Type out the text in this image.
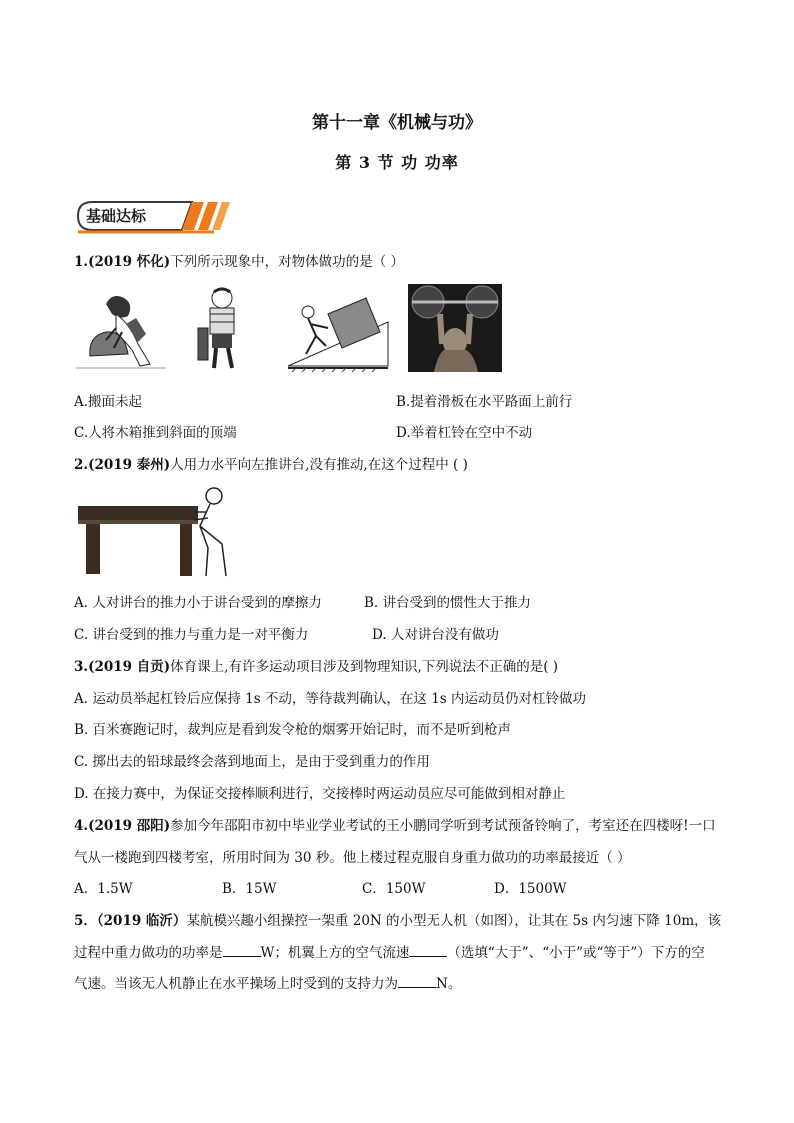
第十一章《机械与功》
第 3 节 功 功率
基础达标
1.(2019 怀化)下列所示现象中，对物体做功的是（ ）
A.搬面未起	B.提着滑板在水平路面上前行
C.人将木箱推到斜面的顶端	D.举着杠铃在空中不动
2.(2019 泰州)人用力水平向左推讲台,没有推动,在这个过程中 ( )
A. 人对讲台的推力小于讲台受到的摩擦力	B. 讲台受到的惯性大于推力
C. 讲台受到的推力与重力是一对平衡力	D. 人对讲台没有做功
3.(2019 自贡)体育课上,有许多运动项目涉及到物理知识,下列说法不正确的是( )
A. 运动员举起杠铃后应保持 1s 不动，等待裁判确认，在这 1s 内运动员仍对杠铃做功
B. 百米赛跑记时，裁判应是看到发令枪的烟雾开始记时，而不是听到枪声
C. 掷出去的铅球最终会落到地面上，是由于受到重力的作用
D. 在接力赛中，为保证交接棒顺利进行，交接棒时两运动员应尽可能做到相对静止
4.(2019 邵阳)参加今年邵阳市初中毕业学业考试的王小鹏同学听到考试预备铃响了，考室还在四楼呀!一口
气从一楼跑到四楼考室，所用时间为 30 秒。他上楼过程克服自身重力做功的功率最接近（ ）
A．1.5W	B．15W	C．150W	D．1500W
5．（2019 临沂）某航模兴趣小组操控一架重 20N 的小型无人机（如图），让其在 5s 内匀速下降 10m，该
过程中重力做功的功率是	W；机翼上方的空气流速	（选填“大于”、“小于”或“等于”）下方的空
气速。当该无人机静止在水平操场上时受到的支持力为	N。
